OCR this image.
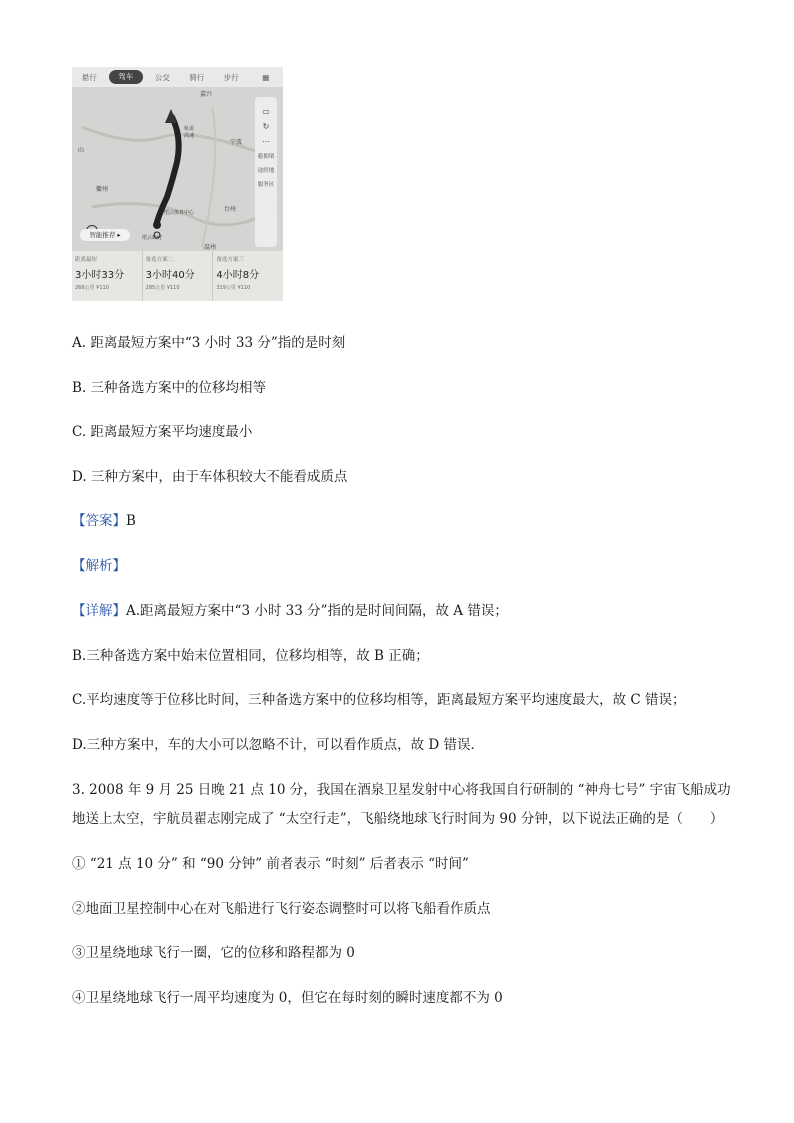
悬行	驾车	公交	骑行	步行	▦
嘉兴
杭甬高速
宁波
山
衢州
台州
缙云体育中心
缙云政府
温州
▭
↻
⋯
避拥堵
途经地
服务区
智能推荐 ▸
距离最短
3小时33分
266公里 ¥110
备选方案二
3小时40分
285公里 ¥110
备选方案三
4小时8分
319公里 ¥110
A. 距离最短方案中“3 小时 33 分”指的是时刻
B. 三种备选方案中的位移均相等
C. 距离最短方案平均速度最小
D. 三种方案中，由于车体积较大不能看成质点
【答案】B
【解析】
【详解】A.距离最短方案中“3 小时 33 分”指的是时间间隔，故 A 错误；
B.三种备选方案中始末位置相同，位移均相等，故 B 正确；
C.平均速度等于位移比时间，三种备选方案中的位移均相等，距离最短方案平均速度最大，故 C 错误；
D.三种方案中，车的大小可以忽略不计，可以看作质点，故 D 错误．
3. 2008 年 9 月 25 日晚 21 点 10 分，我国在酒泉卫星发射中心将我国自行研制的 “神舟七号” 宇宙飞船成功
地送上太空，宇航员翟志刚完成了 “太空行走”，飞船绕地球飞行时间为 90 分钟，以下说法正确的是（　　）
① “21 点 10 分” 和 “90 分钟” 前者表示 “时刻” 后者表示 “时间”
②地面卫星控制中心在对飞船进行飞行姿态调整时可以将飞船看作质点
③卫星绕地球飞行一圈，它的位移和路程都为 0
④卫星绕地球飞行一周平均速度为 0，但它在每时刻的瞬时速度都不为 0
